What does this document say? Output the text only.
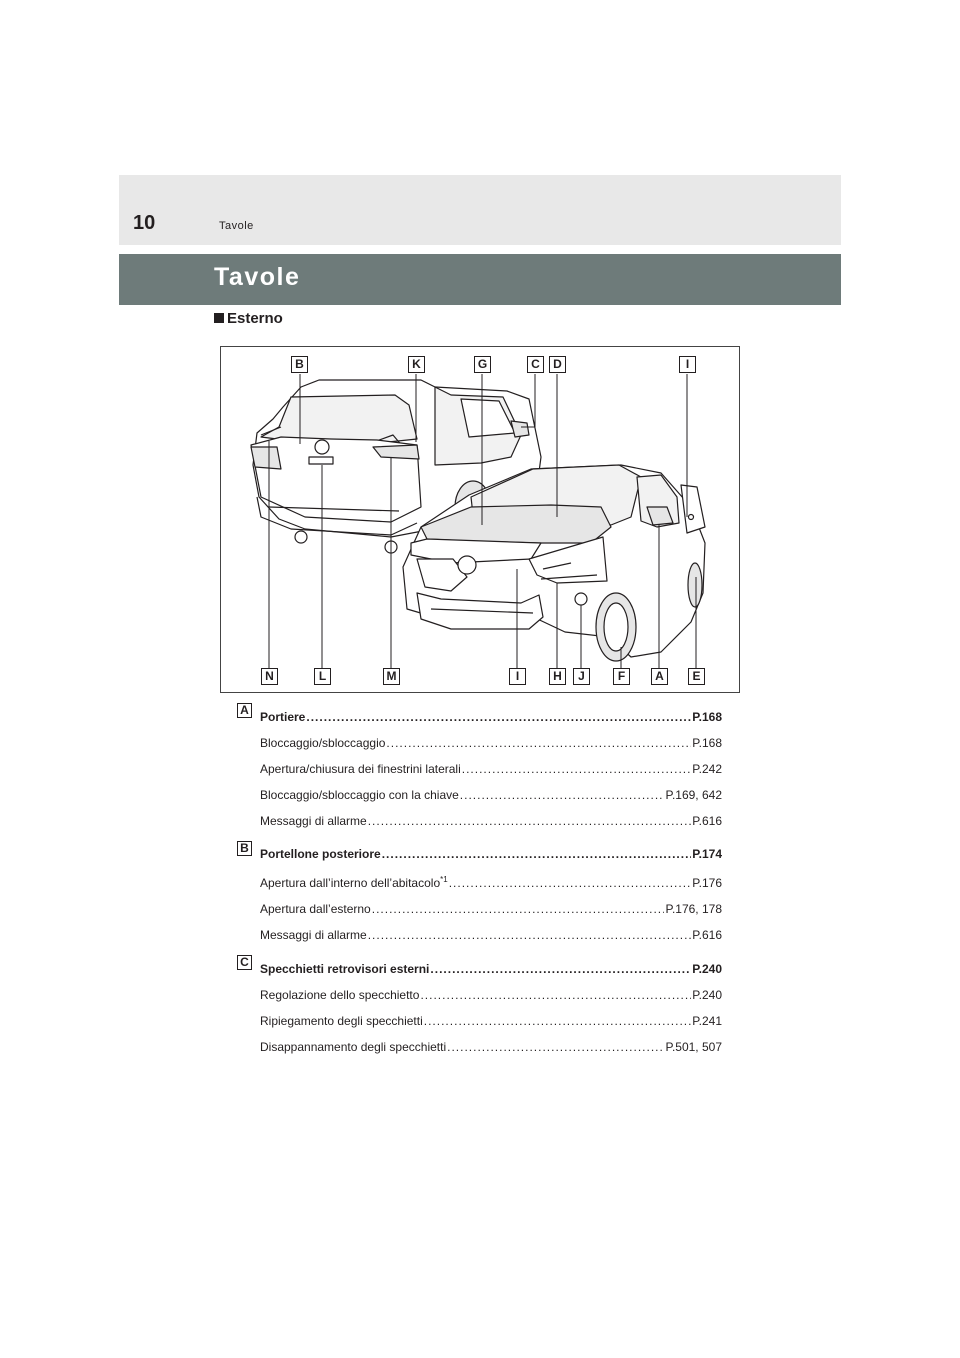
10	Tavole
Tavole
Esterno
B	K	G	C	D	I
N	L	M	I	H	J	F	A	E
A Portiere .....	P.168
Bloccaggio/sbloccaggio .....	P.168
Apertura/chiusura dei finestrini laterali .....	P.242
Bloccaggio/sbloccaggio con la chiave .....	P.169, 642
Messaggi di allarme .....	P.616
B Portellone posteriore .....	P.174
Apertura dall’interno dell’abitacolo$^{*1}$ .....	P.176
Apertura dall’esterno .....	P.176, 178
Messaggi di allarme .....	P.616
C Specchietti retrovisori esterni .....	P.240
Regolazione dello specchietto .....	P.240
Ripiegamento degli specchietti .....	P.241
Disappannamento degli specchietti .....	P.501, 507
